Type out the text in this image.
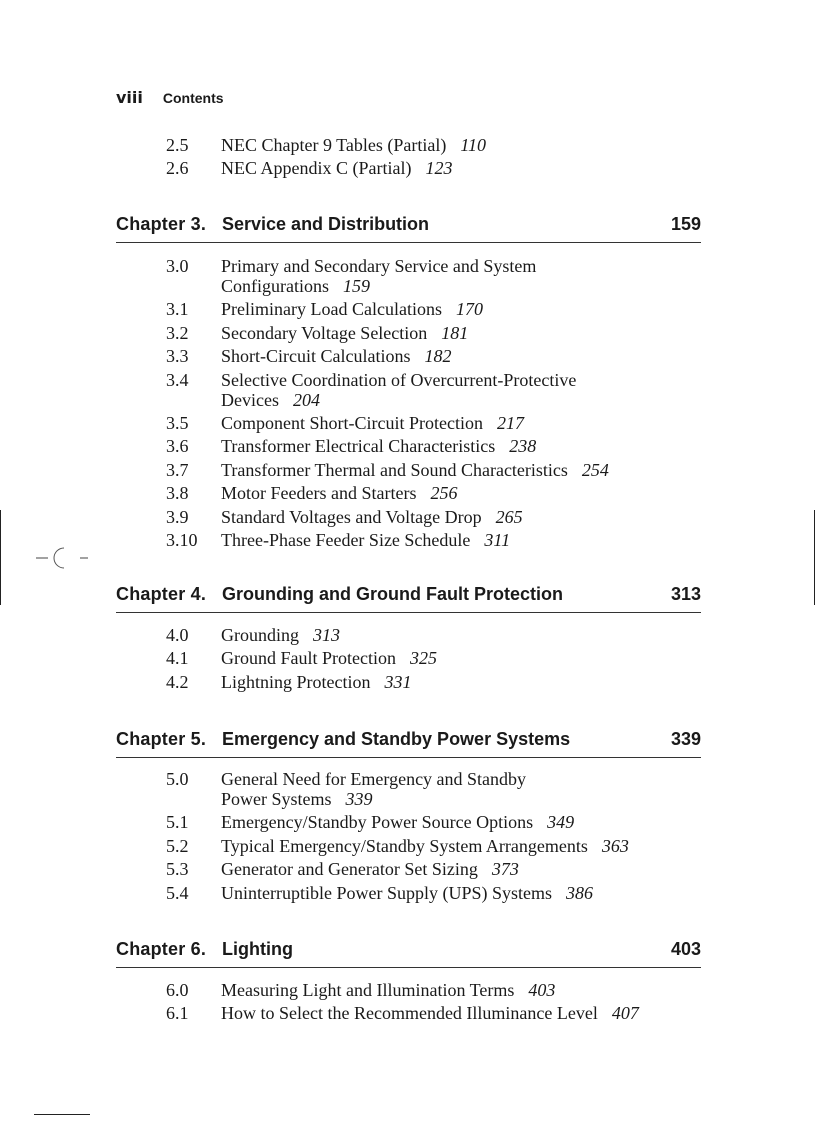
viii Contents
2.5	NEC Chapter 9 Tables (Partial) 110
2.6	NEC Appendix C (Partial) 123
Chapter 3. Service and Distribution	159
3.0	Primary and Secondary Service and System
Configurations 159
3.1	Preliminary Load Calculations 170
3.2	Secondary Voltage Selection 181
3.3	Short-Circuit Calculations 182
3.4	Selective Coordination of Overcurrent-Protective
Devices 204
3.5	Component Short-Circuit Protection 217
3.6	Transformer Electrical Characteristics 238
3.7	Transformer Thermal and Sound Characteristics 254
3.8	Motor Feeders and Starters 256
3.9	Standard Voltages and Voltage Drop 265
3.10	Three-Phase Feeder Size Schedule 311
Chapter 4. Grounding and Ground Fault Protection	313
4.0	Grounding 313
4.1	Ground Fault Protection 325
4.2	Lightning Protection 331
Chapter 5. Emergency and Standby Power Systems	339
5.0	General Need for Emergency and Standby
Power Systems 339
5.1	Emergency/Standby Power Source Options 349
5.2	Typical Emergency/Standby System Arrangements 363
5.3	Generator and Generator Set Sizing 373
5.4	Uninterruptible Power Supply (UPS) Systems 386
Chapter 6. Lighting	403
6.0	Measuring Light and Illumination Terms 403
6.1	How to Select the Recommended Illuminance Level 407
